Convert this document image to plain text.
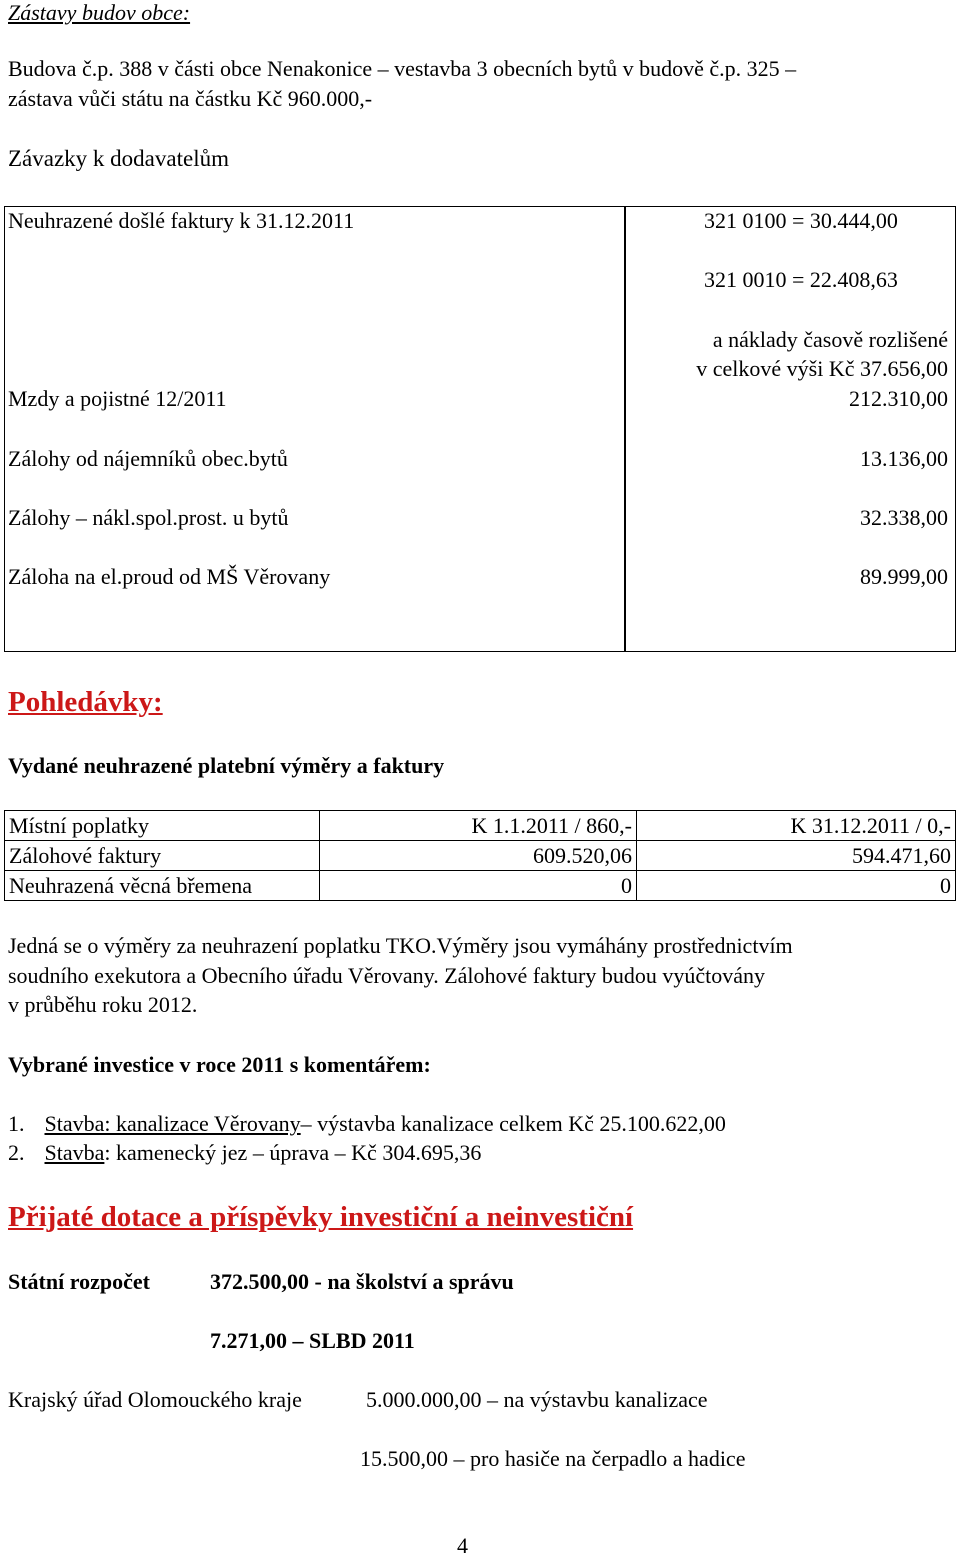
Zástavy budov obce:
Budova č.p. 388 v části obce Nenakonice – vestavba 3 obecních bytů v budově č.p. 325 –
zástava vůči státu na částku Kč 960.000,-
Závazky k dodavatelům
Neuhrazené došlé faktury k 31.12.2011	321 0100 = 30.444,00
321 0010 = 22.408,63
a náklady časově rozlišené
v celkové výši Kč 37.656,00
Mzdy a pojistné 12/2011	212.310,00
Zálohy od nájemníků obec.bytů	13.136,00
Zálohy – nákl.spol.prost. u bytů	32.338,00
Záloha na el.proud od MŠ Věrovany	89.999,00
Pohledávky:
Vydané neuhrazené platební výměry a faktury
Místní poplatky	K 1.1.2011 / 860,-	K 31.12.2011 / 0,-
Zálohové faktury	609.520,06	594.471,60
Neuhrazená věcná břemena	0	0
Jedná se o výměry za neuhrazení poplatku TKO.Výměry jsou vymáhány prostřednictvím
soudního exekutora a Obecního úřadu Věrovany. Zálohové faktury budou vyúčtovány
v průběhu roku 2012.
Vybrané investice v roce 2011 s komentářem:
1. Stavba: kanalizace Věrovany– výstavba kanalizace celkem Kč 25.100.622,00
2. Stavba: kamenecký jez – úprava – Kč 304.695,36
Přijaté dotace a příspěvky investiční a neinvestiční
Státní rozpočet	372.500,00 - na školství a správu
7.271,00 – SLBD 2011
Krajský úřad Olomouckého kraje	5.000.000,00 – na výstavbu kanalizace
15.500,00 – pro hasiče na čerpadlo a hadice
4
